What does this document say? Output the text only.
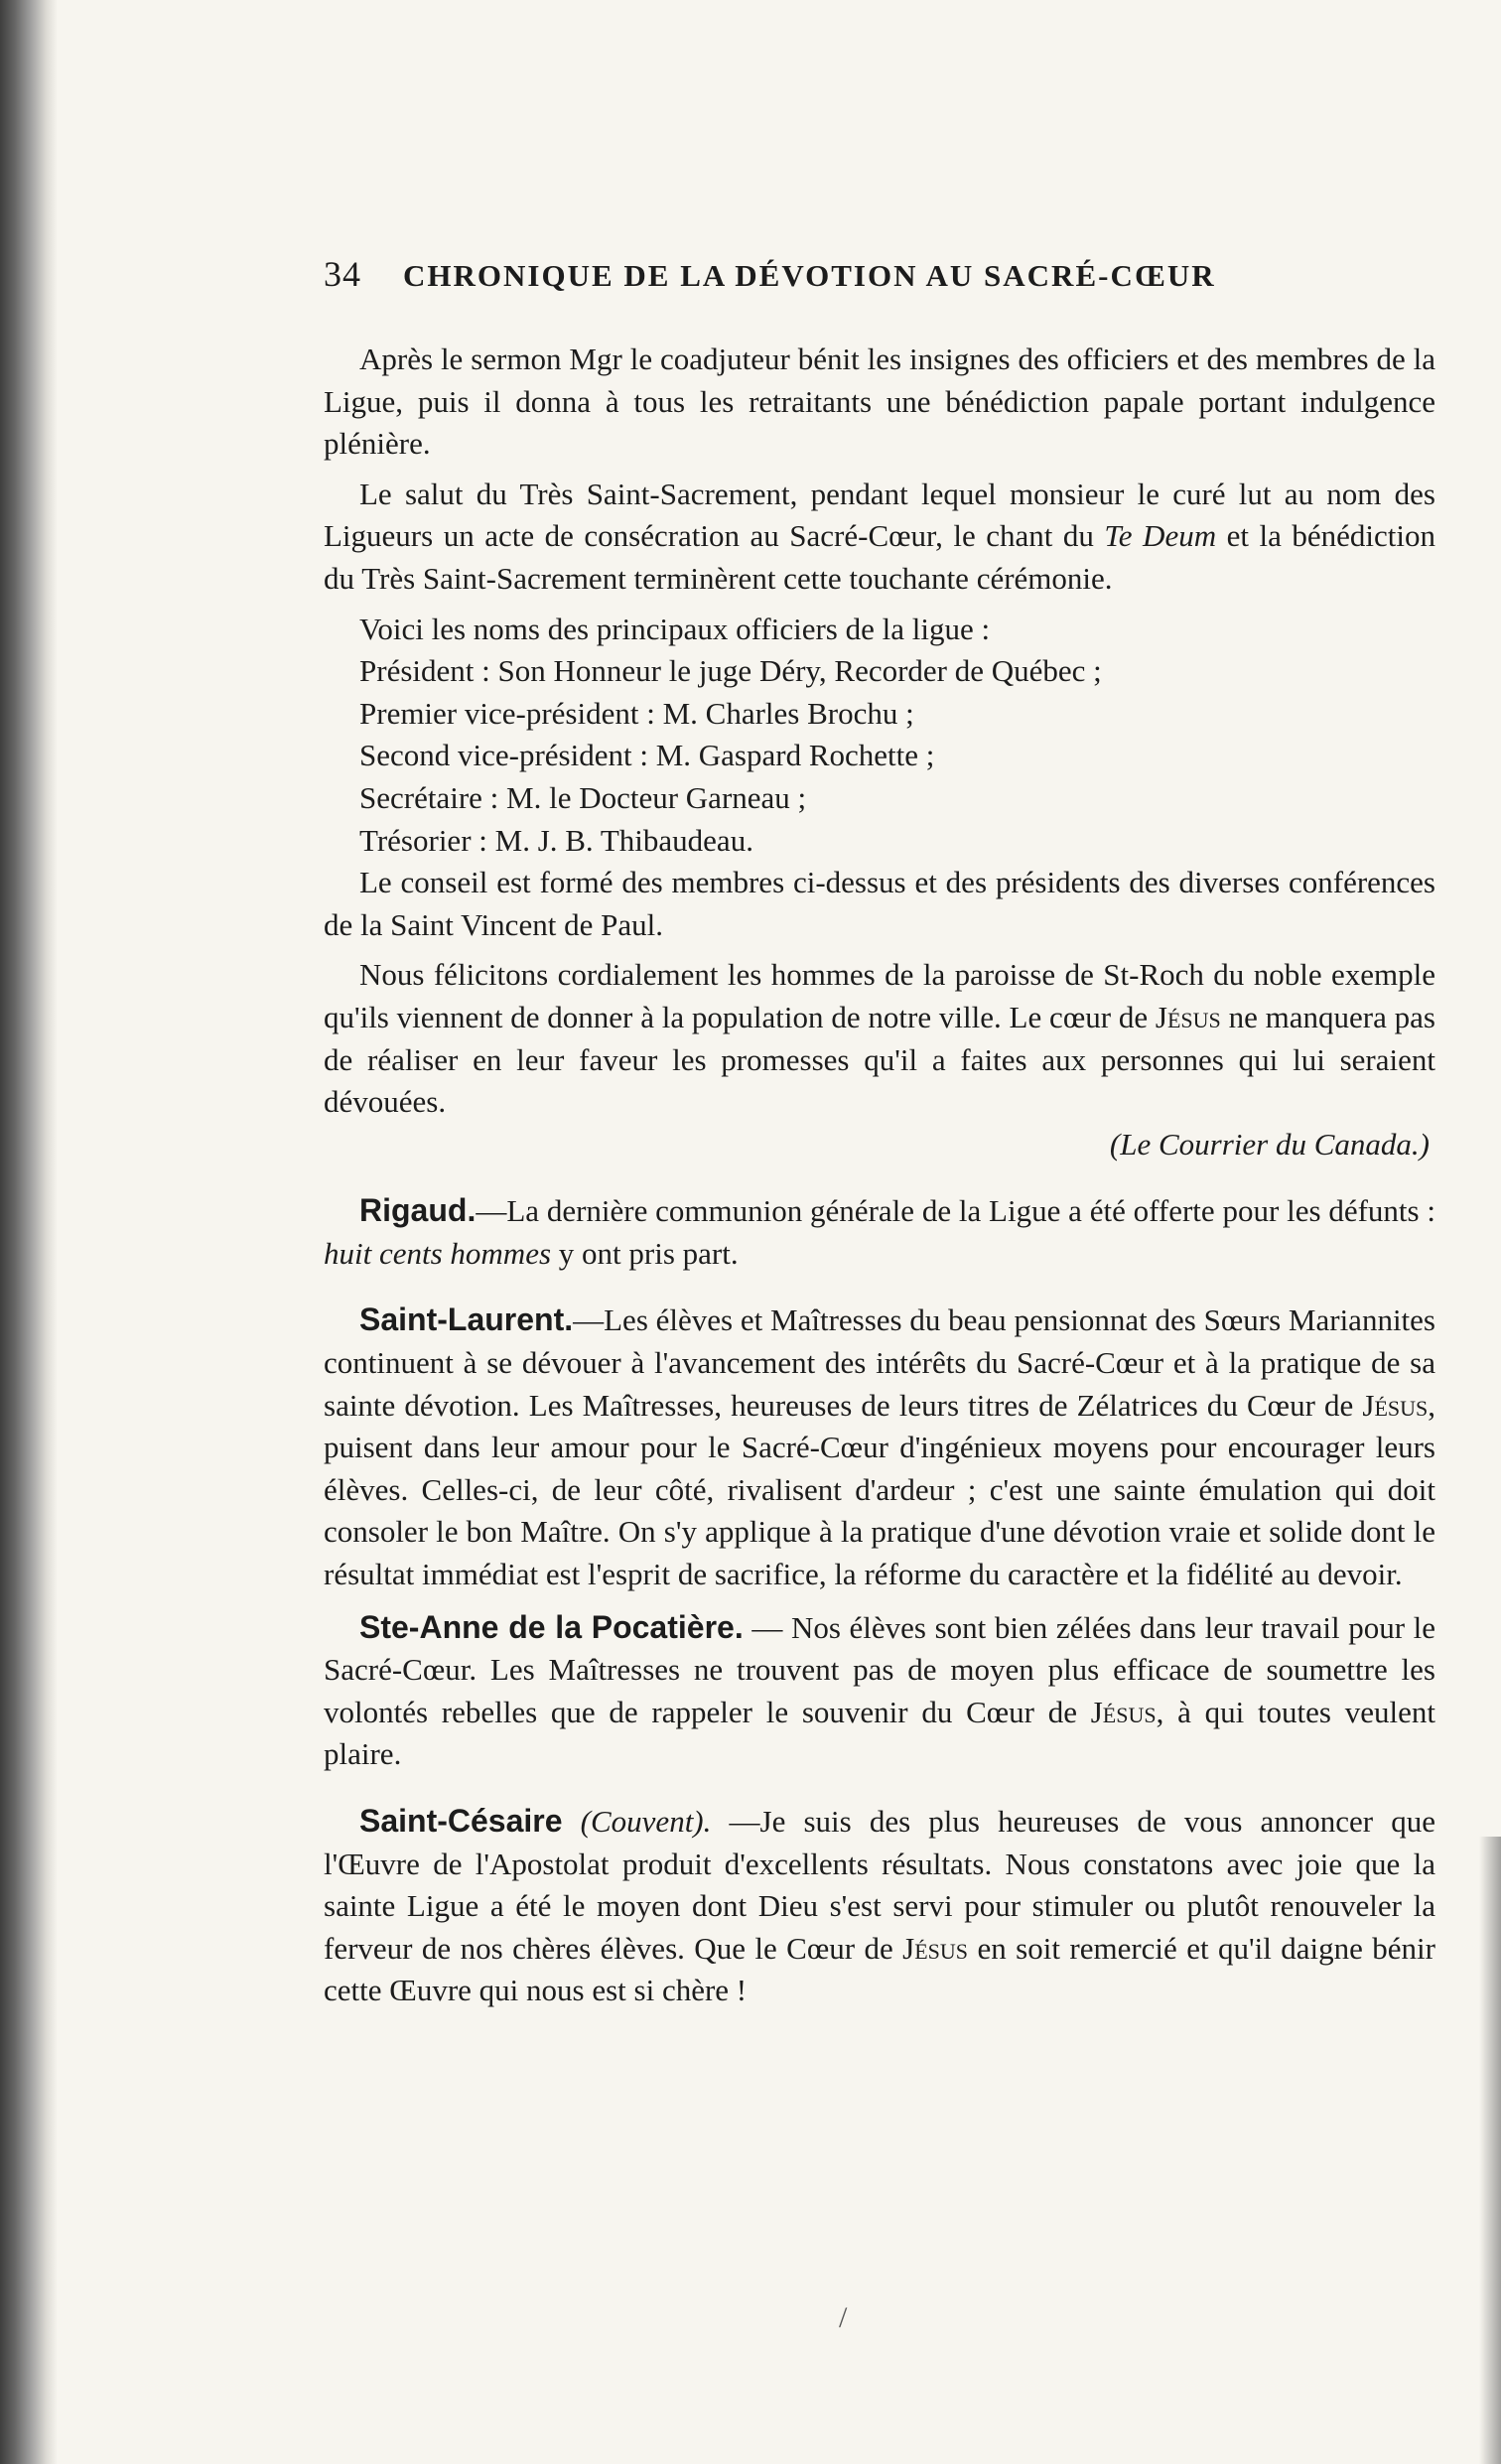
34	CHRONIQUE DE LA DÉVOTION AU SACRÉ-CŒUR

Après le sermon Mgr le coadjuteur bénit les insignes des officiers et des membres de la Ligue, puis il donna à tous les retraitants une bénédiction papale portant indulgence plénière.

Le salut du Très Saint-Sacrement, pendant lequel monsieur le curé lut au nom des Ligueurs un acte de consécration au Sacré-Cœur, le chant du Te Deum et la bénédiction du Très Saint-Sacrement terminèrent cette touchante cérémonie.

Voici les noms des principaux officiers de la ligue :

Président : Son Honneur le juge Déry, Recorder de Québec ;

Premier vice-président : M. Charles Brochu ;

Second vice-président : M. Gaspard Rochette ;

Secrétaire : M. le Docteur Garneau ;

Trésorier : M. J. B. Thibaudeau.

Le conseil est formé des membres ci-dessus et des présidents des diverses conférences de la Saint Vincent de Paul.

Nous félicitons cordialement les hommes de la paroisse de St-Roch du noble exemple qu'ils viennent de donner à la population de notre ville. Le cœur de Jésus ne manquera pas de réaliser en leur faveur les promesses qu'il a faites aux personnes qui lui seraient dévouées.

(Le Courrier du Canada.)

Rigaud.—La dernière communion générale de la Ligue a été offerte pour les défunts : huit cents hommes y ont pris part.

Saint-Laurent.—Les élèves et Maîtresses du beau pensionnat des Sœurs Mariannites continuent à se dévouer à l'avancement des intérêts du Sacré-Cœur et à la pratique de sa sainte dévotion. Les Maîtresses, heureuses de leurs titres de Zélatrices du Cœur de Jésus, puisent dans leur amour pour le Sacré-Cœur d'ingénieux moyens pour encourager leurs élèves. Celles-ci, de leur côté, rivalisent d'ardeur ; c'est une sainte émulation qui doit consoler le bon Maître. On s'y applique à la pratique d'une dévotion vraie et solide dont le résultat immédiat est l'esprit de sacrifice, la réforme du caractère et la fidélité au devoir.

Ste-Anne de la Pocatière. — Nos élèves sont bien zélées dans leur travail pour le Sacré-Cœur. Les Maîtresses ne trouvent pas de moyen plus efficace de soumettre les volontés rebelles que de rappeler le souvenir du Cœur de Jésus, à qui toutes veulent plaire.

Saint-Césaire (Couvent). —Je suis des plus heureuses de vous annoncer que l'Œuvre de l'Apostolat produit d'excellents résultats. Nous constatons avec joie que la sainte Ligue a été le moyen dont Dieu s'est servi pour stimuler ou plutôt renouveler la ferveur de nos chères élèves. Que le Cœur de Jésus en soit remercié et qu'il daigne bénir cette Œuvre qui nous est si chère !

/
